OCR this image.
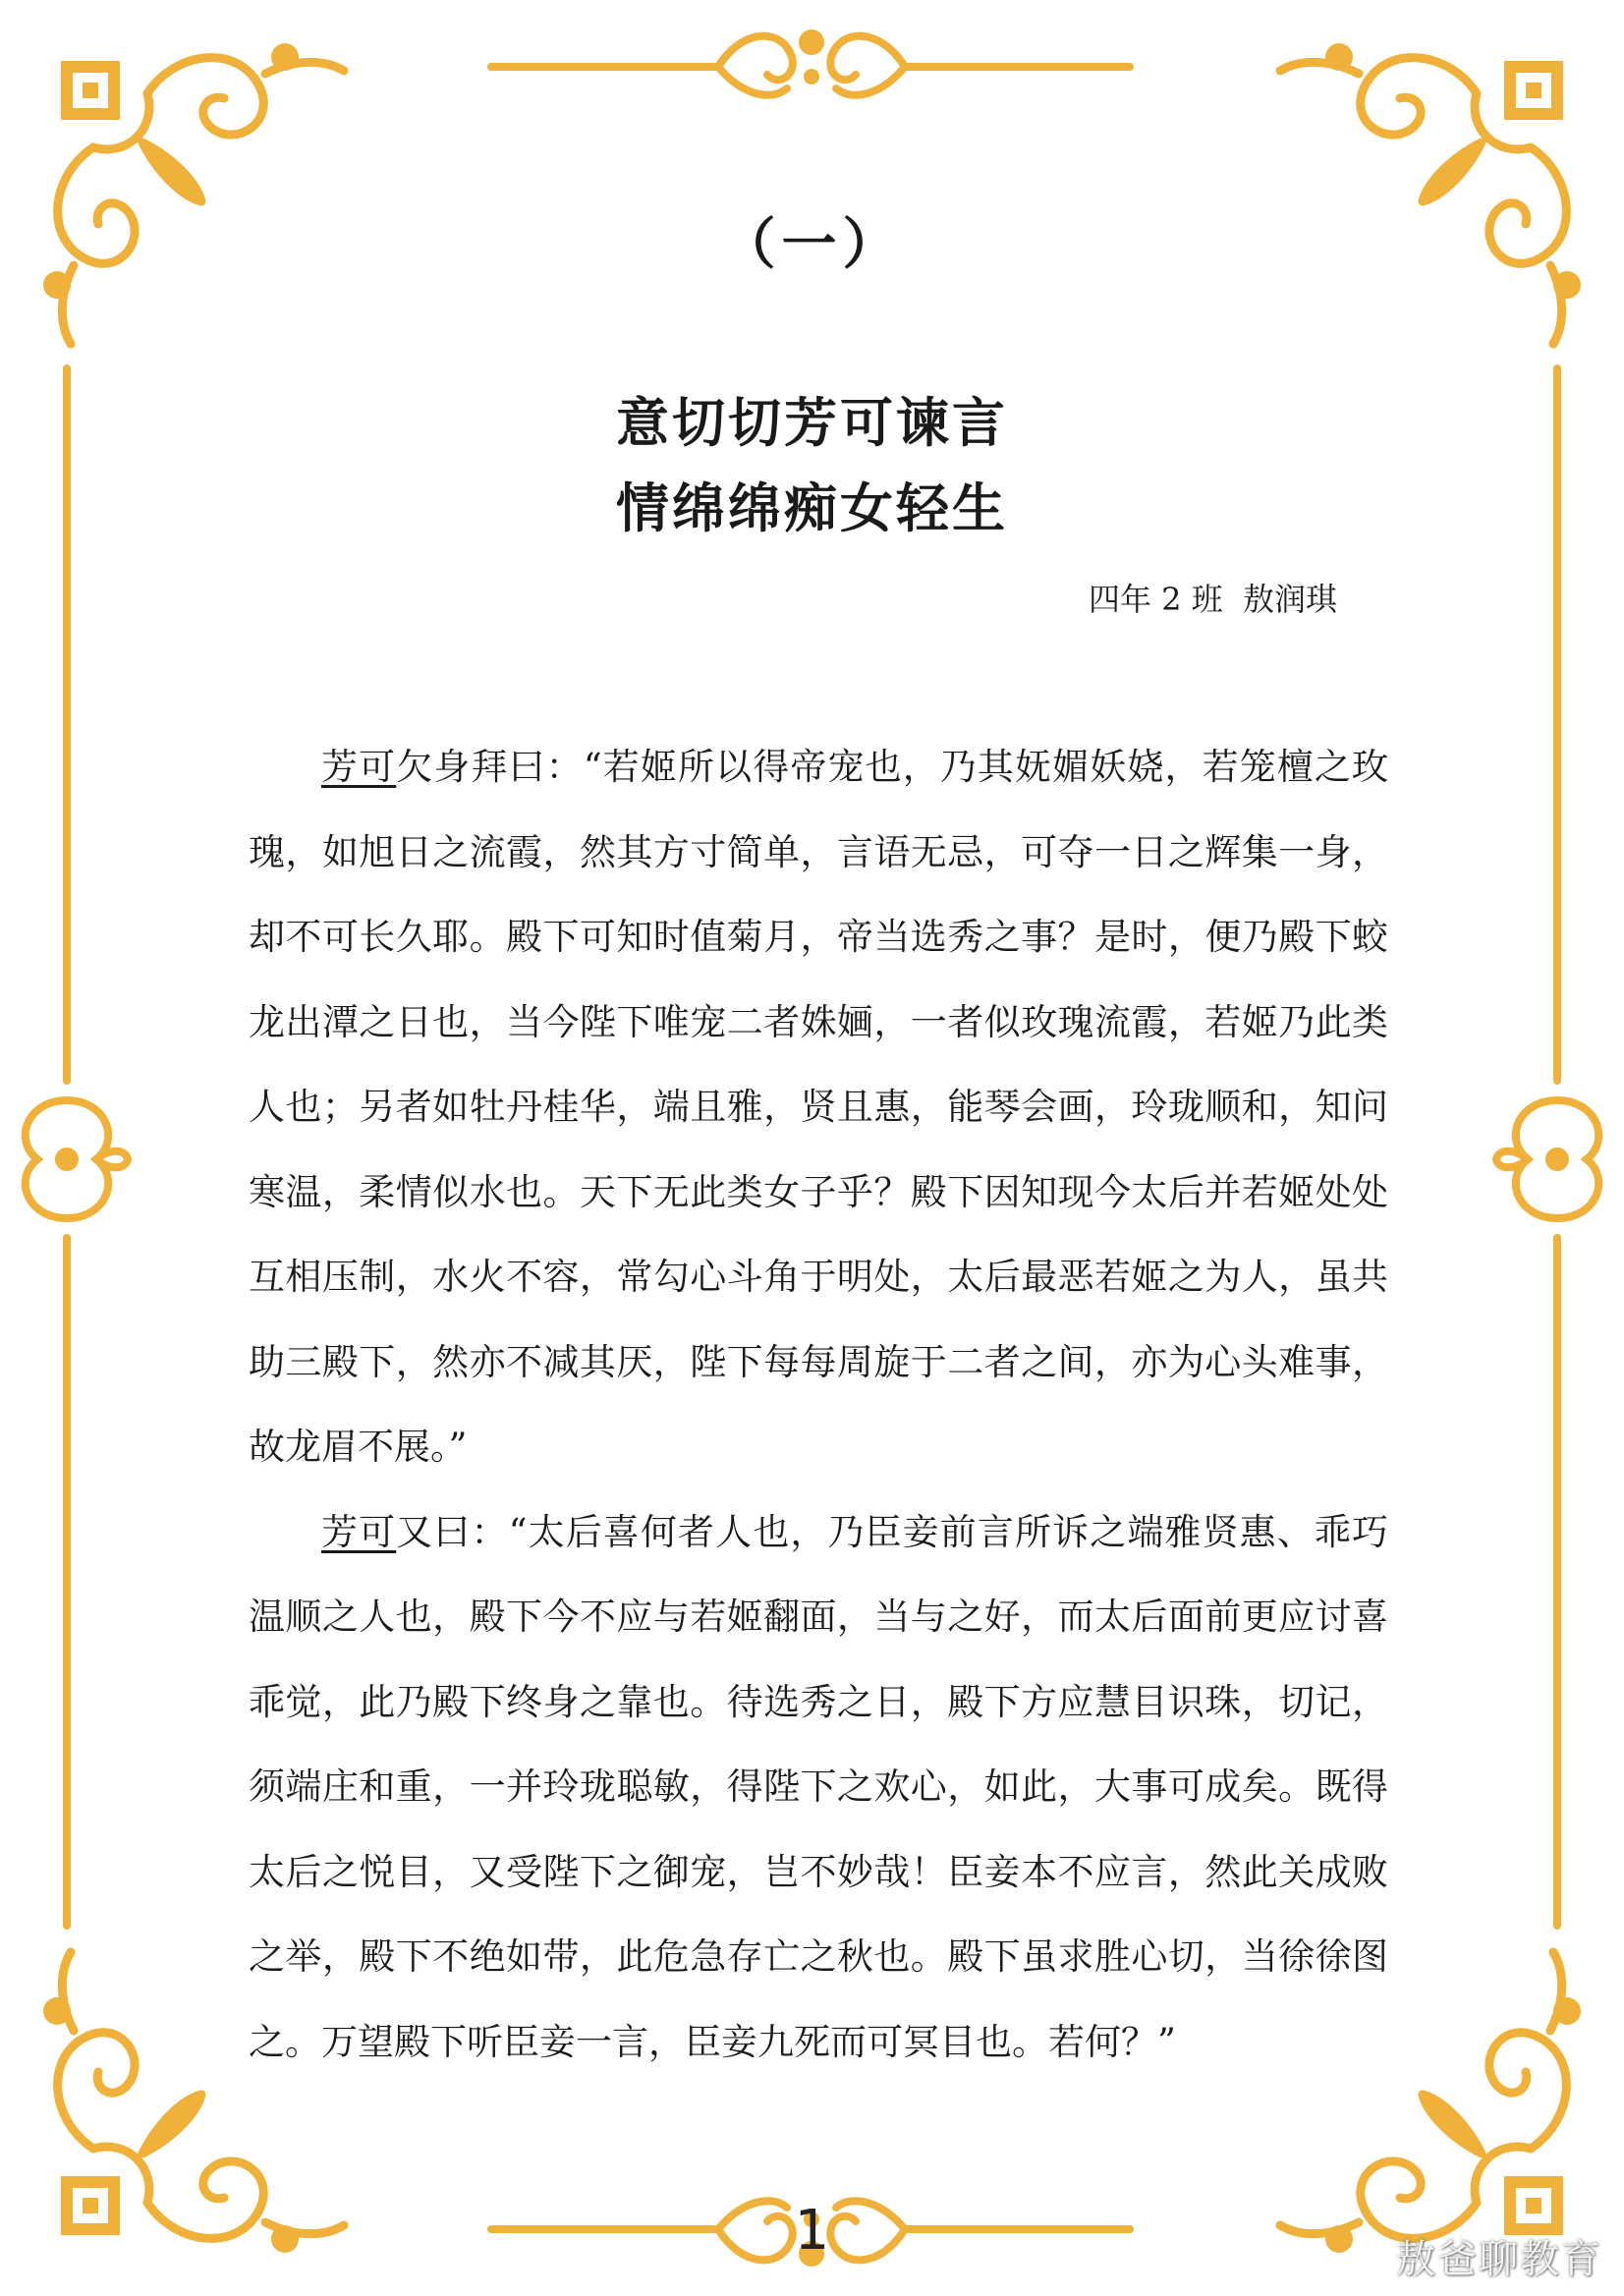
（一）
意切切芳可谏言
情绵绵痴女轻生
四年 2 班  敖润琪

芳可欠身拜曰：“若姬所以得帝宠也，乃其妩媚妖娆，若笼檀之玫瑰，如旭日之流霞，然其方寸简单，言语无忌，可夺一日之辉集一身，却不可长久耶。殿下可知时值菊月，帝当选秀之事？是时，便乃殿下蛟龙出潭之日也，当今陛下唯宠二者姝婳，一者似玫瑰流霞，若姬乃此类人也；另者如牡丹桂华，端且雅，贤且惠，能琴会画，玲珑顺和，知问寒温，柔情似水也。天下无此类女子乎？殿下因知现今太后并若姬处处互相压制，水火不容，常勾心斗角于明处，太后最恶若姬之为人，虽共助三殿下，然亦不减其厌，陛下每每周旋于二者之间，亦为心头难事，故龙眉不展。”

芳可又曰：“太后喜何者人也，乃臣妾前言所诉之端雅贤惠、乖巧温顺之人也，殿下今不应与若姬翻面，当与之好，而太后面前更应讨喜乖觉，此乃殿下终身之靠也。待选秀之日，殿下方应慧目识珠，切记，须端庄和重，一并玲珑聪敏，得陛下之欢心，如此，大事可成矣。既得太后之悦目，又受陛下之御宠，岂不妙哉！臣妾本不应言，然此关成败之举，殿下不绝如带，此危急存亡之秋也。殿下虽求胜心切，当徐徐图之。万望殿下听臣妾一言，臣妾九死而可冥目也。若何？”

1	敖爸聊教育
